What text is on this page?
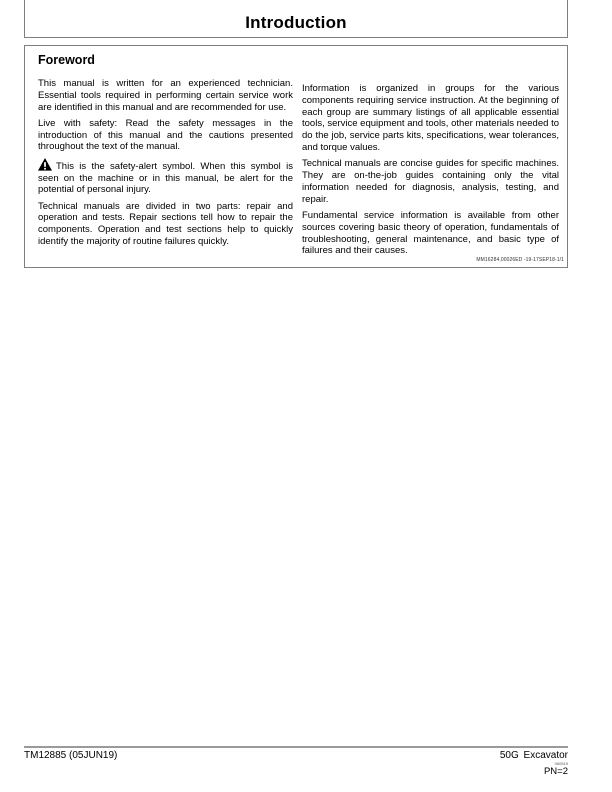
Introduction
Foreword

This manual is written for an experienced technician. Essential tools required in performing certain service work are identified in this manual and are recommended for use.

Live with safety: Read the safety messages in the introduction of this manual and the cautions presented throughout the text of the manual.

This is the safety-alert symbol. When this symbol is seen on the machine or in this manual, be alert for the potential of personal injury.

Technical manuals are divided in two parts: repair and operation and tests. Repair sections tell how to repair the components. Operation and test sections help to quickly identify the majority of routine failures quickly.

Information is organized in groups for the various components requiring service instruction. At the beginning of each group are summary listings of all applicable essential tools, service equipment and tools, other materials needed to do the job, service parts kits, specifications, wear tolerances, and torque values.

Technical manuals are concise guides for specific machines. They are on-the-job guides containing only the vital information needed for diagnosis, analysis, testing, and repair.

Fundamental service information is available from other sources covering basic theory of operation, fundamentals of troubleshooting, general maintenance, and basic type of failures and their causes.

MM16284,00026ED -19-17SEP18-1/1
TM12885 (05JUN19)	50G Excavator
060519
PN=2
